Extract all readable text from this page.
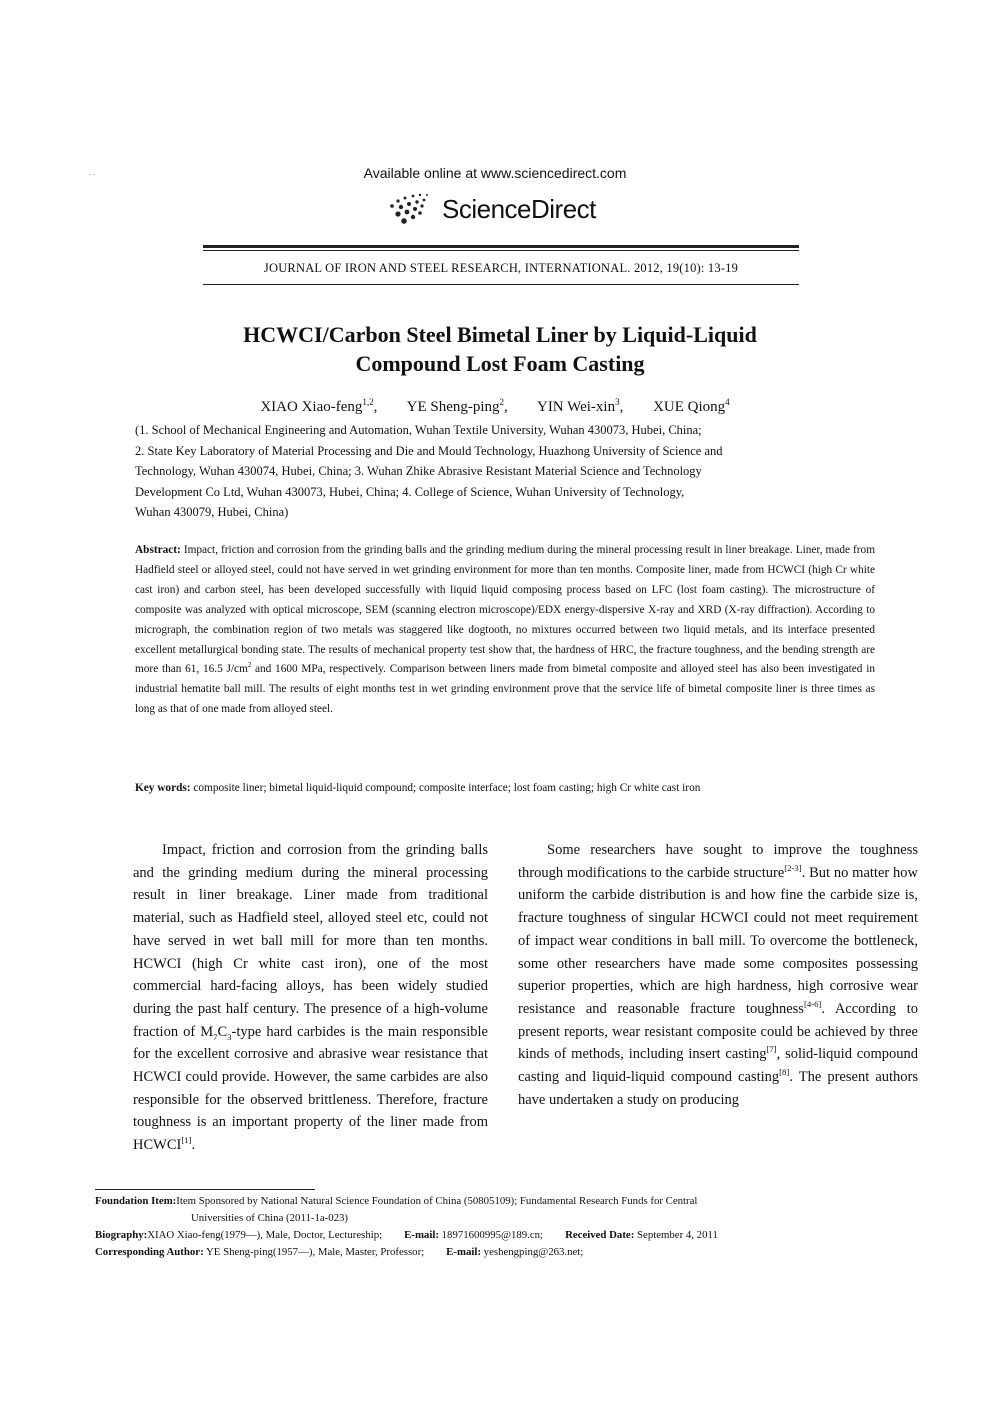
· ·	Available online at www.sciencedirect.com
ScienceDirect
JOURNAL OF IRON AND STEEL RESEARCH, INTERNATIONAL. 2012, 19(10): 13-19
HCWCI/Carbon Steel Bimetal Liner by Liquid-Liquid
Compound Lost Foam Casting
XIAO Xiao-feng$^{1,2}$, YE Sheng-ping$^2$, YIN Wei-xin$^3$, XUE Qiong$^4$
(1. School of Mechanical Engineering and Automation, Wuhan Textile University, Wuhan 430073, Hubei, China;
2. State Key Laboratory of Material Processing and Die and Mould Technology, Huazhong University of Science and
Technology, Wuhan 430074, Hubei, China; 3. Wuhan Zhike Abrasive Resistant Material Science and Technology
Development Co Ltd, Wuhan 430073, Hubei, China; 4. College of Science, Wuhan University of Technology,
Wuhan 430079, Hubei, China)
Abstract: Impact, friction and corrosion from the grinding balls and the grinding medium during the mineral processing result in liner breakage. Liner, made from Hadfield steel or alloyed steel, could not have served in wet grinding environment for more than ten months. Composite liner, made from HCWCI (high Cr white cast iron) and carbon steel, has been developed successfully with liquid liquid composing process based on LFC (lost foam casting). The microstructure of composite was analyzed with optical microscope, SEM (scanning electron microscope)/EDX energy-dispersive X-ray and XRD (X-ray diffraction). According to micrograph, the combination region of two metals was staggered like dogtooth, no mixtures occurred between two liquid metals, and its interface presented excellent metallurgical bonding state. The results of mechanical property test show that, the hardness of HRC, the fracture toughness, and the bending strength are more than 61, 16.5 $J/cm^2$ and 1600 MPa, respectively. Comparison between liners made from bimetal composite and alloyed steel has also been investigated in industrial hematite ball mill. The results of eight months test in wet grinding environment prove that the service life of bimetal composite liner is three times as long as that of one made from alloyed steel.
Key words: composite liner; bimetal liquid-liquid compound; composite interface; lost foam casting; high Cr white cast iron
Impact, friction and corrosion from the grinding balls and the grinding medium during the mineral processing result in liner breakage. Liner made from traditional material, such as Hadfield steel, alloyed steel etc, could not have served in wet ball mill for more than ten months. HCWCI (high Cr white cast iron), one of the most commercial hard-facing alloys, has been widely studied during the past half century. The presence of a high-volume fraction of $M_7C_3$-type hard carbides is the main responsible for the excellent corrosive and abrasive wear resistance that HCWCI could provide. However, the same carbides are also responsible for the observed brittleness. Therefore, fracture toughness is an important property of the liner made from HCWCI[1].
Some researchers have sought to improve the toughness through modifications to the carbide structure[2-3]. But no matter how uniform the carbide distribution is and how fine the carbide size is, fracture toughness of singular HCWCI could not meet requirement of impact wear conditions in ball mill. To overcome the bottleneck, some other researchers have made some composites possessing superior properties, which are high hardness, high corrosive wear resistance and reasonable fracture toughness[4-6]. According to present reports, wear resistant composite could be achieved by three kinds of methods, including insert casting[7], solid-liquid compound casting and liquid-liquid compound casting[8]. The present authors have undertaken a study on producing
Foundation Item:Item Sponsored by National Natural Science Foundation of China (50805109); Fundamental Research Funds for Central
Universities of China (2011-1a-023)
Biography:XIAO Xiao-feng(1979—), Male, Doctor, Lectureship; E-mail: 18971600995@189.cn; Received Date: September 4, 2011
Corresponding Author: YE Sheng-ping(1957—), Male, Master, Professor; E-mail: yeshengping@263.net;
